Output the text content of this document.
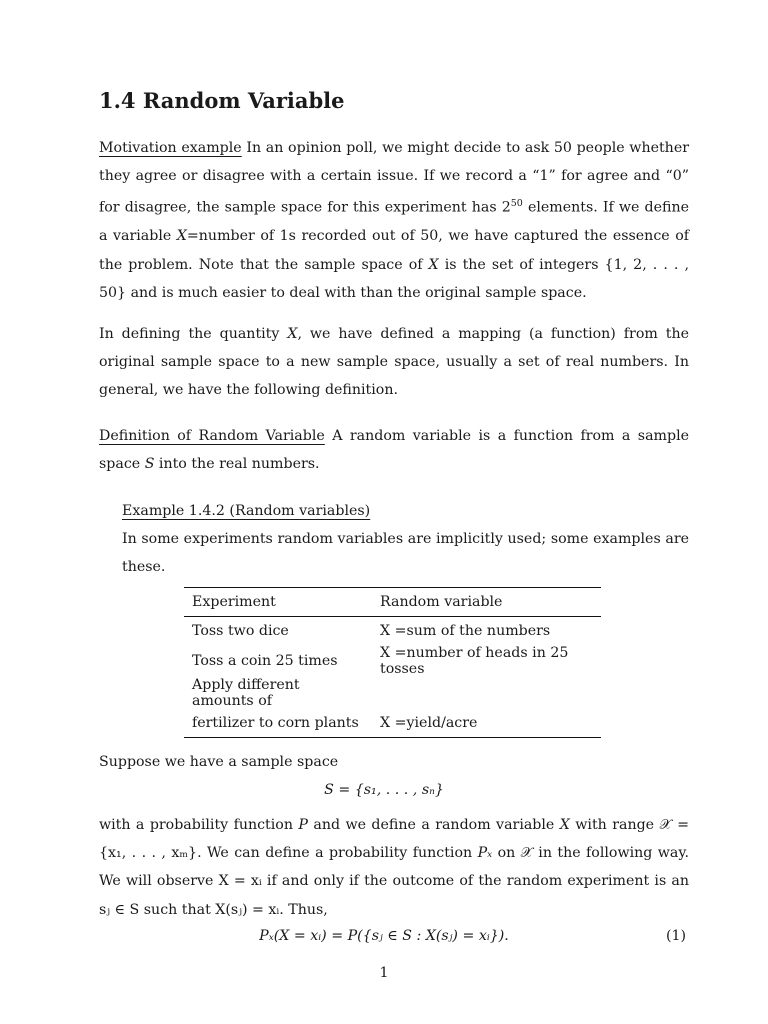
1.4 Random Variable

Motivation example In an opinion poll, we might decide to ask 50 people whether they agree or disagree with a certain issue. If we record a “1” for agree and “0” for disagree, the sample space for this experiment has $2^{50}$ elements. If we define a variable X=number of 1s recorded out of 50, we have captured the essence of the problem. Note that the sample space of X is the set of integers {1, 2, . . . , 50} and is much easier to deal with than the original sample space.

In defining the quantity X, we have defined a mapping (a function) from the original sample space to a new sample space, usually a set of real numbers. In general, we have the following definition.

Definition of Random Variable A random variable is a function from a sample space S into the real numbers.

Example 1.4.2 (Random variables)

In some experiments random variables are implicitly used; some examples are these.

Experiment	Random variable
Toss two dice	X =sum of the numbers
Toss a coin 25 times	X =number of heads in 25 tosses
Apply different amounts of	
fertilizer to corn plants	X =yield/acre

Suppose we have a sample space

S = {s₁, . . . , sₙ}

with a probability function P and we define a random variable X with range 𝒳 = {x₁, . . . , xₘ}. We can define a probability function Pₓ on 𝒳 in the following way. We will observe X = xᵢ if and only if the outcome of the random experiment is an sⱼ ∈ S such that X(sⱼ) = xᵢ. Thus,

Pₓ(X = xᵢ) = P({sⱼ ∈ S : X(sⱼ) = xᵢ}).	(1)
1
